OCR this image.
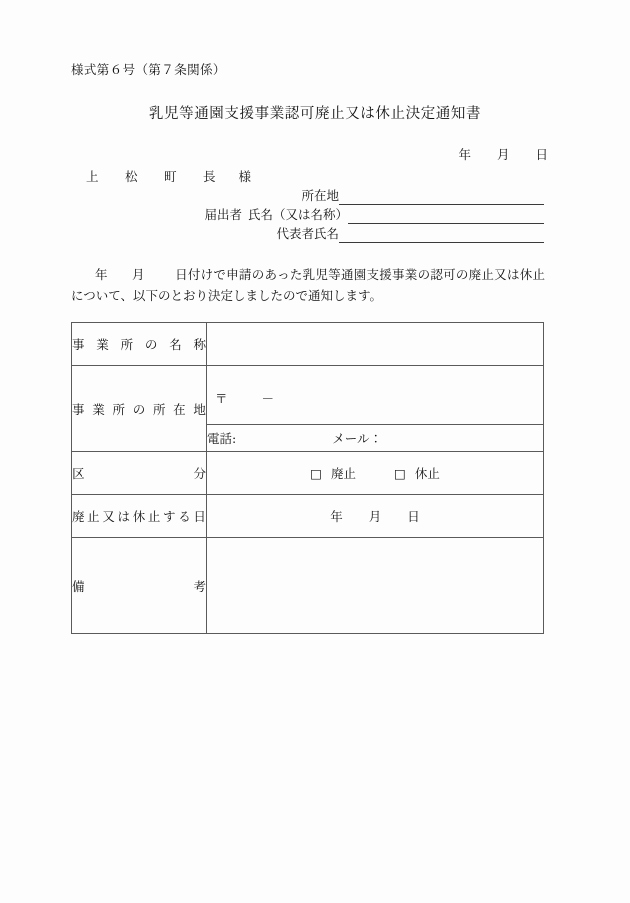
様式第６号（第７条関係）
乳児等通園支援事業認可廃止又は休止決定通知書
年 月 日
上　松　町　長 様
所在地
届出者 氏名（又は名称）
代表者氏名
年 月 日付けで申請のあった乳児等通園支援事業の認可の廃止又は休止について、以下のとおり決定しましたので通知します。
事 業 所 の 名 称

事 業 所 の 所 在 地

〒	－

	電話: メール：

区 分	□ 廃止 □ 休止

廃 止 又 は 休 止 す る 日	年 月 日

備 考	
